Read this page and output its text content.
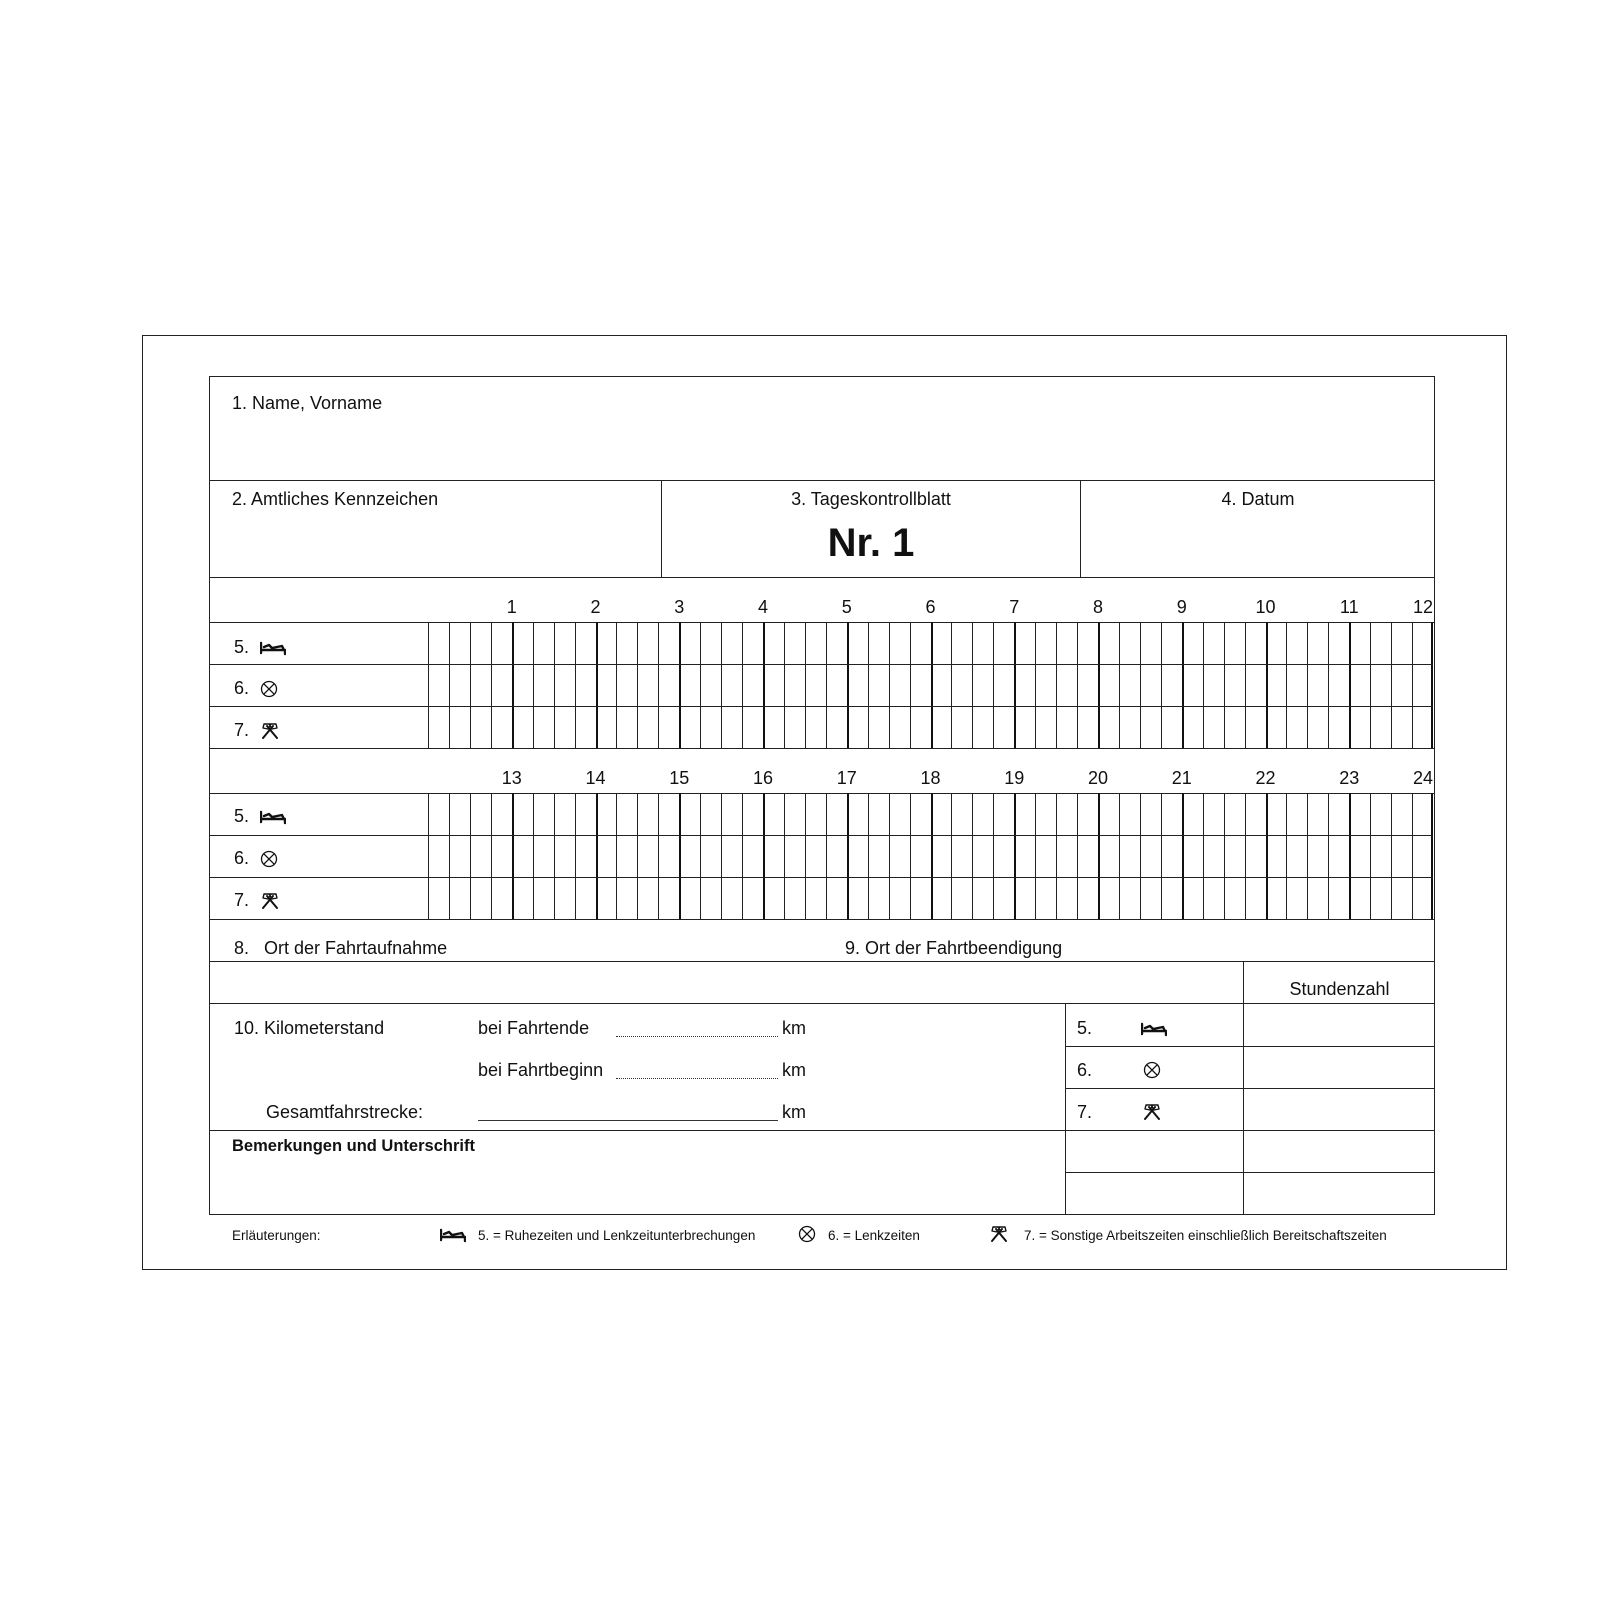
1. Name, Vorname
2. Amtliches Kennzeichen	3. Tageskontrollblatt
Nr. 1
4. Datum
1	2	3	4	5	6	7	8	9	10	11	12
5.
6.
7.
13	14	15	16	17	18	19	20	21	22	23	24
5.
6.
7.
8.   Ort der Fahrtaufnahme	9. Ort der Fahrtbeendigung
Stundenzahl
10. Kilometerstand	bei Fahrtende	km
bei Fahrtbeginn	km
Gesamtfahrstrecke:	km
5.
6.
7.
Bemerkungen und Unterschrift
Erläuterungen:	5. = Ruhezeiten und Lenkzeitunterbrechungen	6. = Lenkzeiten	7. = Sonstige Arbeitszeiten einschließlich Bereitschaftszeiten
